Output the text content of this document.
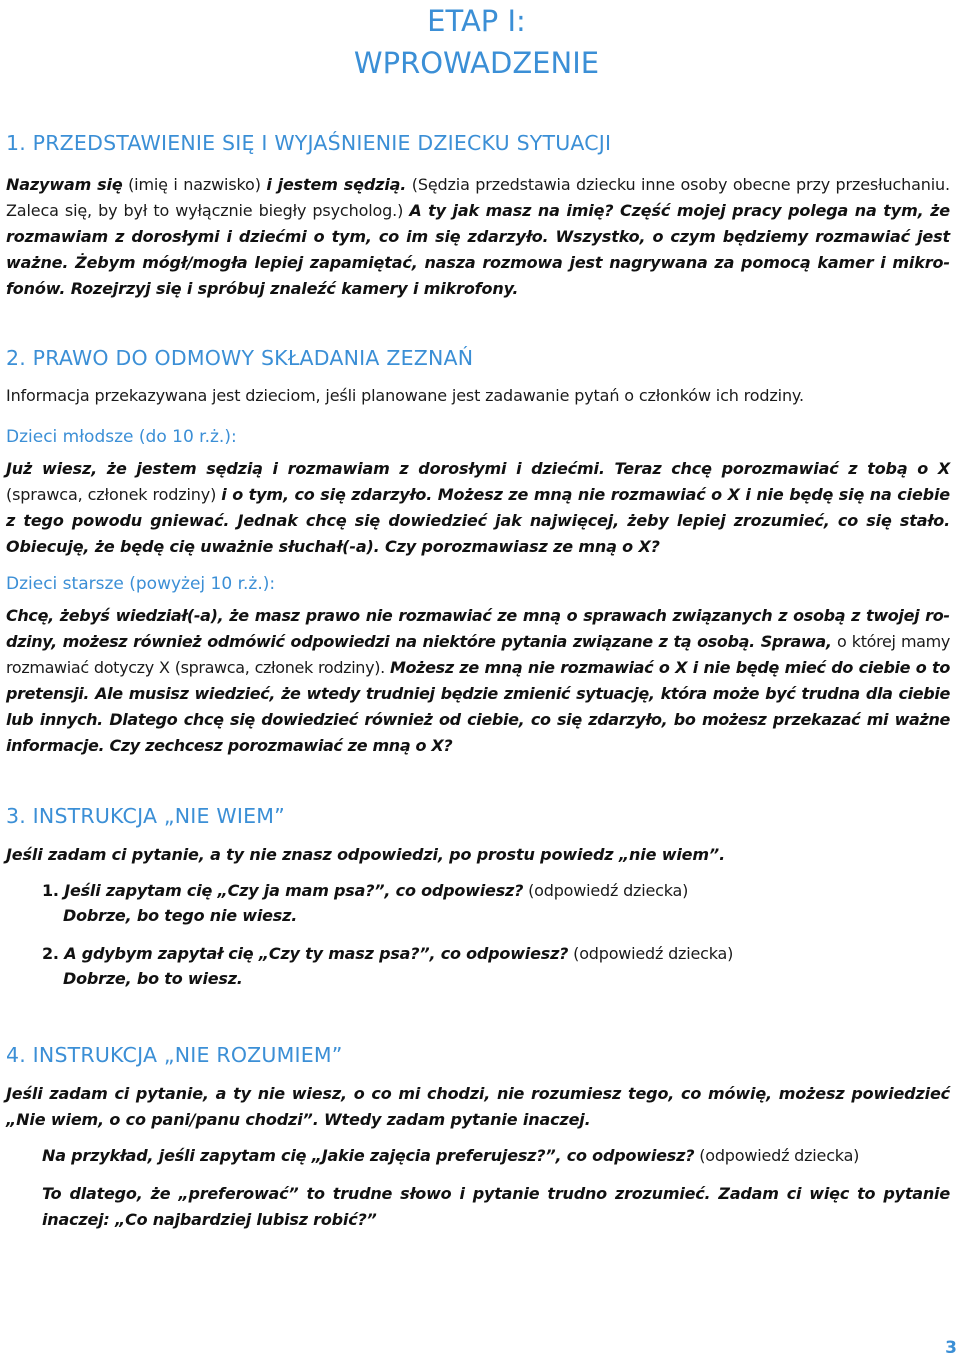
ETAP I:
WPROWADZENIE
1. PRZEDSTAWIENIE SIĘ I WYJAŚNIENIE DZIECKU SYTUACJI

Nazywam się (imię i nazwisko) i jestem sędzią. (Sędzia przedstawia dziecku inne osoby obecne przy przesłuchaniu. Zaleca się, by był to wyłącznie biegły psycholog.) A ty jak masz na imię? Część mojej pracy polega na tym, że rozmawiam z dorosłymi i dziećmi o tym, co im się zdarzyło. Wszystko, o czym będziemy rozmawiać jest ważne. Żebym mógł/mogła lepiej zapamiętać, nasza rozmowa jest nagrywana za pomocą kamer i mikrofonów. Rozejrzyj się i spróbuj znaleźć kamery i mikrofony.

2. PRAWO DO ODMOWY SKŁADANIA ZEZNAŃ

Informacja przekazywana jest dzieciom, jeśli planowane jest zadawanie pytań o członków ich rodziny.

Dzieci młodsze (do 10 r.ż.):

Już wiesz, że jestem sędzią i rozmawiam z dorosłymi i dziećmi. Teraz chcę porozmawiać z tobą o X (sprawca, członek rodziny) i o tym, co się zdarzyło. Możesz ze mną nie rozmawiać o X i nie będę się na ciebie z tego powodu gniewać. Jednak chcę się dowiedzieć jak najwięcej, żeby lepiej zrozumieć, co się stało. Obiecuję, że będę cię uważnie słuchał(-a). Czy porozmawiasz ze mną o X?

Dzieci starsze (powyżej 10 r.ż.):

Chcę, żebyś wiedział(-a), że masz prawo nie rozmawiać ze mną o sprawach związanych z osobą z twojej rodziny, możesz również odmówić odpowiedzi na niektóre pytania związane z tą osobą. Sprawa, o której mamy rozmawiać dotyczy X (sprawca, członek rodziny). Możesz ze mną nie rozmawiać o X i nie będę mieć do ciebie o to pretensji. Ale musisz wiedzieć, że wtedy trudniej będzie zmienić sytuację, która może być trudna dla ciebie lub innych. Dlatego chcę się dowiedzieć również od ciebie, co się zdarzyło, bo możesz przekazać mi ważne informacje. Czy zechcesz porozmawiać ze mną o X?

3. INSTRUKCJA „NIE WIEM”

Jeśli zadam ci pytanie, a ty nie znasz odpowiedzi, po prostu powiedz „nie wiem”.

1. Jeśli zapytam cię „Czy ja mam psa?”, co odpowiesz? (odpowiedź dziecka)

Dobrze, bo tego nie wiesz.

2. A gdybym zapytał cię „Czy ty masz psa?”, co odpowiesz? (odpowiedź dziecka)

Dobrze, bo to wiesz.

4. INSTRUKCJA „NIE ROZUMIEM”

Jeśli zadam ci pytanie, a ty nie wiesz, o co mi chodzi, nie rozumiesz tego, co mówię, możesz powiedzieć „Nie wiem, o co pani/panu chodzi”. Wtedy zadam pytanie inaczej.

Na przykład, jeśli zapytam cię „Jakie zajęcia preferujesz?”, co odpowiesz? (odpowiedź dziecka)

To dlatego, że „preferować” to trudne słowo i pytanie trudno zrozumieć. Zadam ci więc to pytanie inaczej: „Co najbardziej lubisz robić?”

3
